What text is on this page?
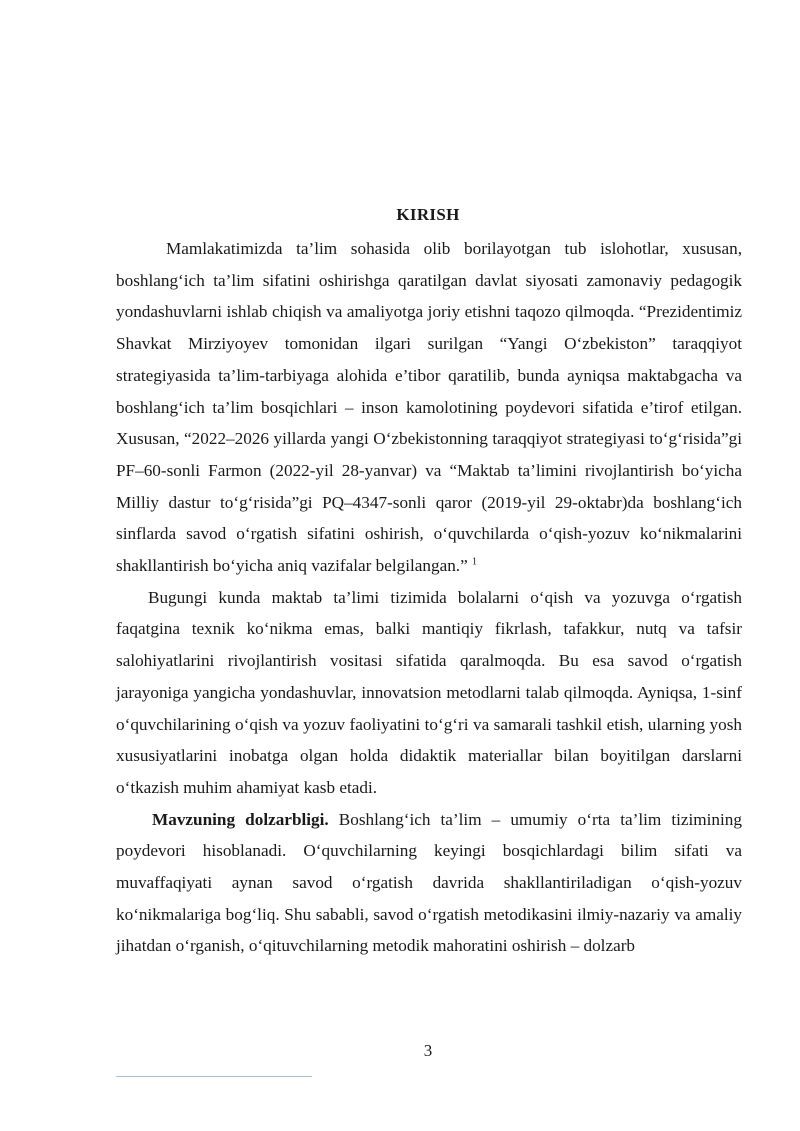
KIRISH

Mamlakatimizda ta’lim sohasida olib borilayotgan tub islohotlar, xususan, boshlang‘ich ta’lim sifatini oshirishga qaratilgan davlat siyosati zamonaviy pedagogik yondashuvlarni ishlab chiqish va amaliyotga joriy etishni taqozo qilmoqda. “Prezidentimiz Shavkat Mirziyoyev tomonidan ilgari surilgan “Yangi O‘zbekiston” taraqqiyot strategiyasida ta’lim-tarbiyaga alohida e’tibor qaratilib, bunda ayniqsa maktabgacha va boshlang‘ich ta’lim bosqichlari – inson kamolotining poydevori sifatida e’tirof etilgan. Xususan, “2022–2026 yillarda yangi O‘zbekistonning taraqqiyot strategiyasi to‘g‘risida”gi PF–60-sonli Farmon (2022-yil 28-yanvar) va “Maktab ta’limini rivojlantirish bo‘yicha Milliy dastur to‘g‘risida”gi PQ–4347-sonli qaror (2019-yil 29-oktabr)da boshlang‘ich sinflarda savod o‘rgatish sifatini oshirish, o‘quvchilarda o‘qish-yozuv ko‘nikmalarini shakllantirish bo‘yicha aniq vazifalar belgilangan.” $^1$

Bugungi kunda maktab ta’limi tizimida bolalarni o‘qish va yozuvga o‘rgatish faqatgina texnik ko‘nikma emas, balki mantiqiy fikrlash, tafakkur, nutq va tafsir salohiyatlarini rivojlantirish vositasi sifatida qaralmoqda. Bu esa savod o‘rgatish jarayoniga yangicha yondashuvlar, innovatsion metodlarni talab qilmoqda. Ayniqsa, 1-sinf o‘quvchilarining o‘qish va yozuv faoliyatini to‘g‘ri va samarali tashkil etish, ularning yosh xususiyatlarini inobatga olgan holda didaktik materiallar bilan boyitilgan darslarni o‘tkazish muhim ahamiyat kasb etadi.

Mavzuning dolzarbligi. Boshlang‘ich ta’lim – umumiy o‘rta ta’lim tizimining poydevori hisoblanadi. O‘quvchilarning keyingi bosqichlardagi bilim sifati va muvaffaqiyati aynan savod o‘rgatish davrida shakllantiriladigan o‘qish-yozuv ko‘nikmalariga bog‘liq. Shu sababli, savod o‘rgatish metodikasini ilmiy-nazariy va amaliy jihatdan o‘rganish, o‘qituvchilarning metodik mahoratini oshirish – dolzarb

3
